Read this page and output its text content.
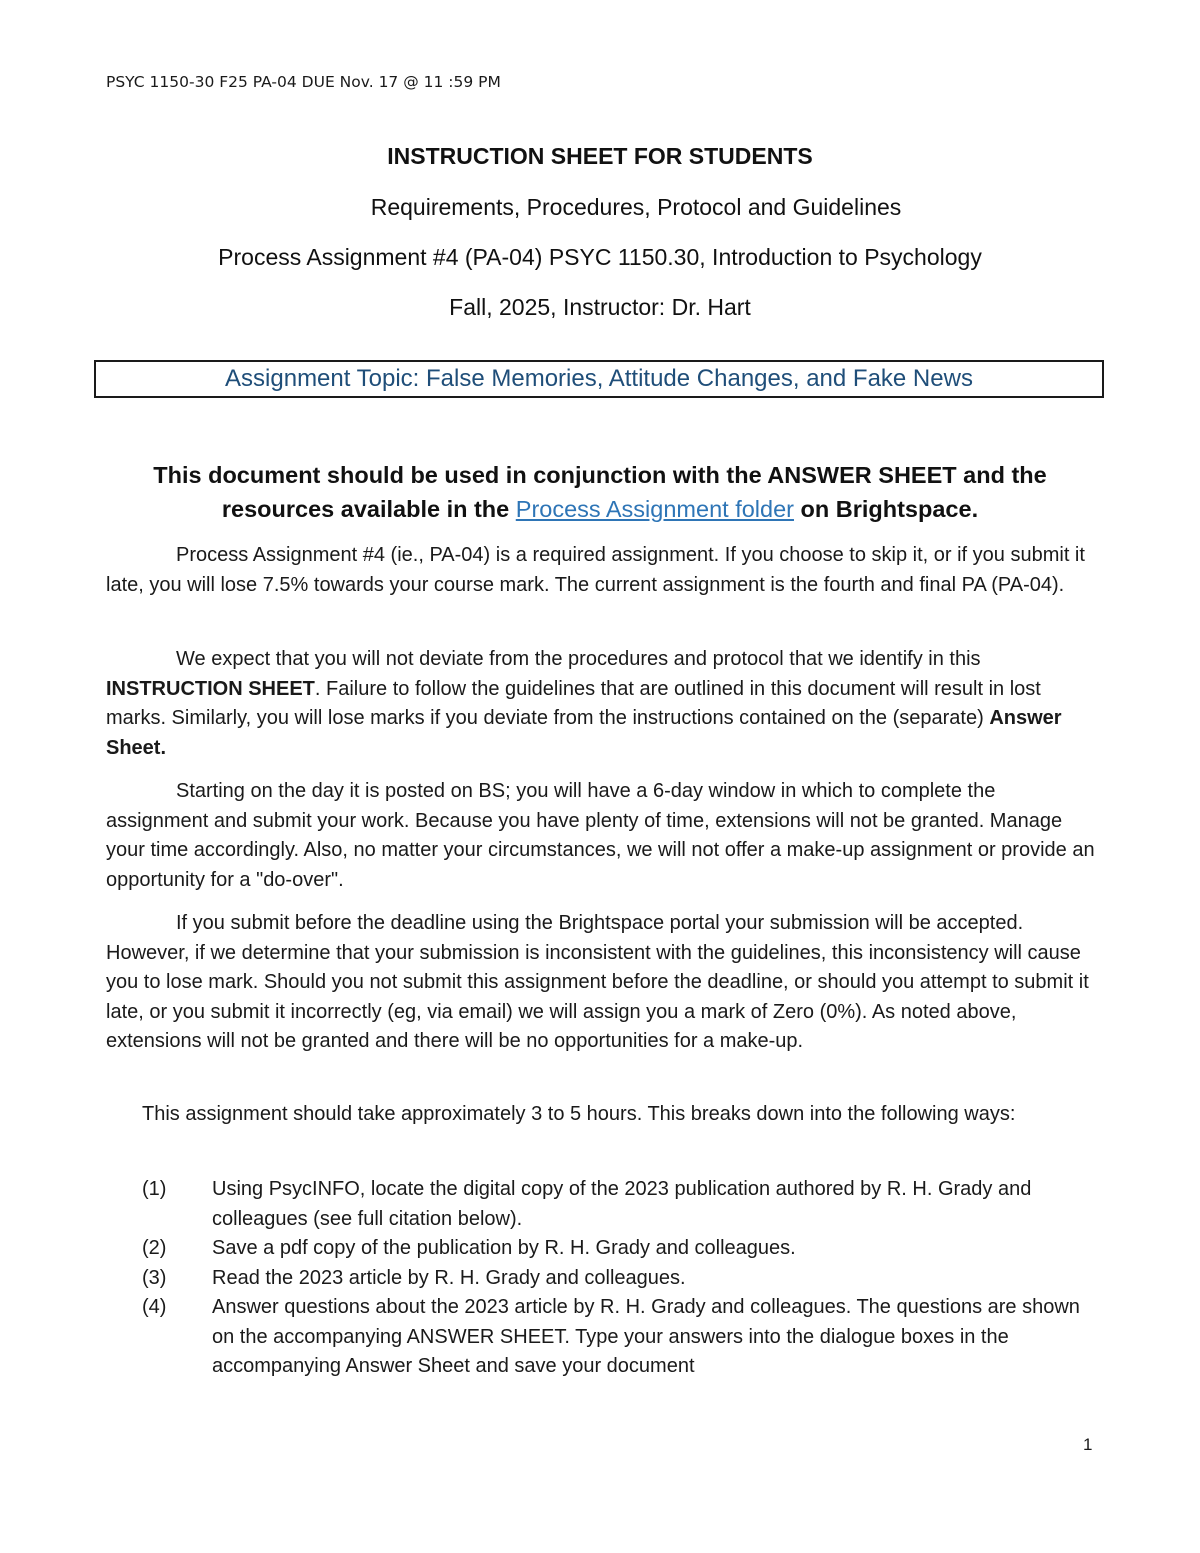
PSYC 1150-30 F25 PA-04 DUE Nov. 17 @ 11 :59 PM
INSTRUCTION SHEET FOR STUDENTS
Requirements, Procedures, Protocol and Guidelines
Process Assignment #4 (PA-04) PSYC 1150.30, Introduction to Psychology
Fall, 2025, Instructor: Dr. Hart
Assignment Topic: False Memories, Attitude Changes, and Fake News
This document should be used in conjunction with the ANSWER SHEET and the resources available in the Process Assignment folder on Brightspace.
Process Assignment #4 (ie., PA-04) is a required assignment. If you choose to skip it, or if you submit it late, you will lose 7.5% towards your course mark. The current assignment is the fourth and final PA (PA-04).
We expect that you will not deviate from the procedures and protocol that we identify in this INSTRUCTION SHEET. Failure to follow the guidelines that are outlined in this document will result in lost marks. Similarly, you will lose marks if you deviate from the instructions contained on the (separate) Answer Sheet.
Starting on the day it is posted on BS; you will have a 6-day window in which to complete the assignment and submit your work. Because you have plenty of time, extensions will not be granted. Manage your time accordingly. Also, no matter your circumstances, we will not offer a make-up assignment or provide an opportunity for a "do-over".
If you submit before the deadline using the Brightspace portal your submission will be accepted. However, if we determine that your submission is inconsistent with the guidelines, this inconsistency will cause you to lose mark. Should you not submit this assignment before the deadline, or should you attempt to submit it late, or you submit it incorrectly (eg, via email) we will assign you a mark of Zero (0%). As noted above, extensions will not be granted and there will be no opportunities for a make-up.
This assignment should take approximately 3 to 5 hours. This breaks down into the following ways:
(1)	Using PsycINFO, locate the digital copy of the 2023 publication authored by R. H. Grady and colleagues (see full citation below).
(2)	Save a pdf copy of the publication by R. H. Grady and colleagues.
(3)	Read the 2023 article by R. H. Grady and colleagues.
(4)	Answer questions about the 2023 article by R. H. Grady and colleagues. The questions are shown on the accompanying ANSWER SHEET. Type your answers into the dialogue boxes in the accompanying Answer Sheet and save your document
1
